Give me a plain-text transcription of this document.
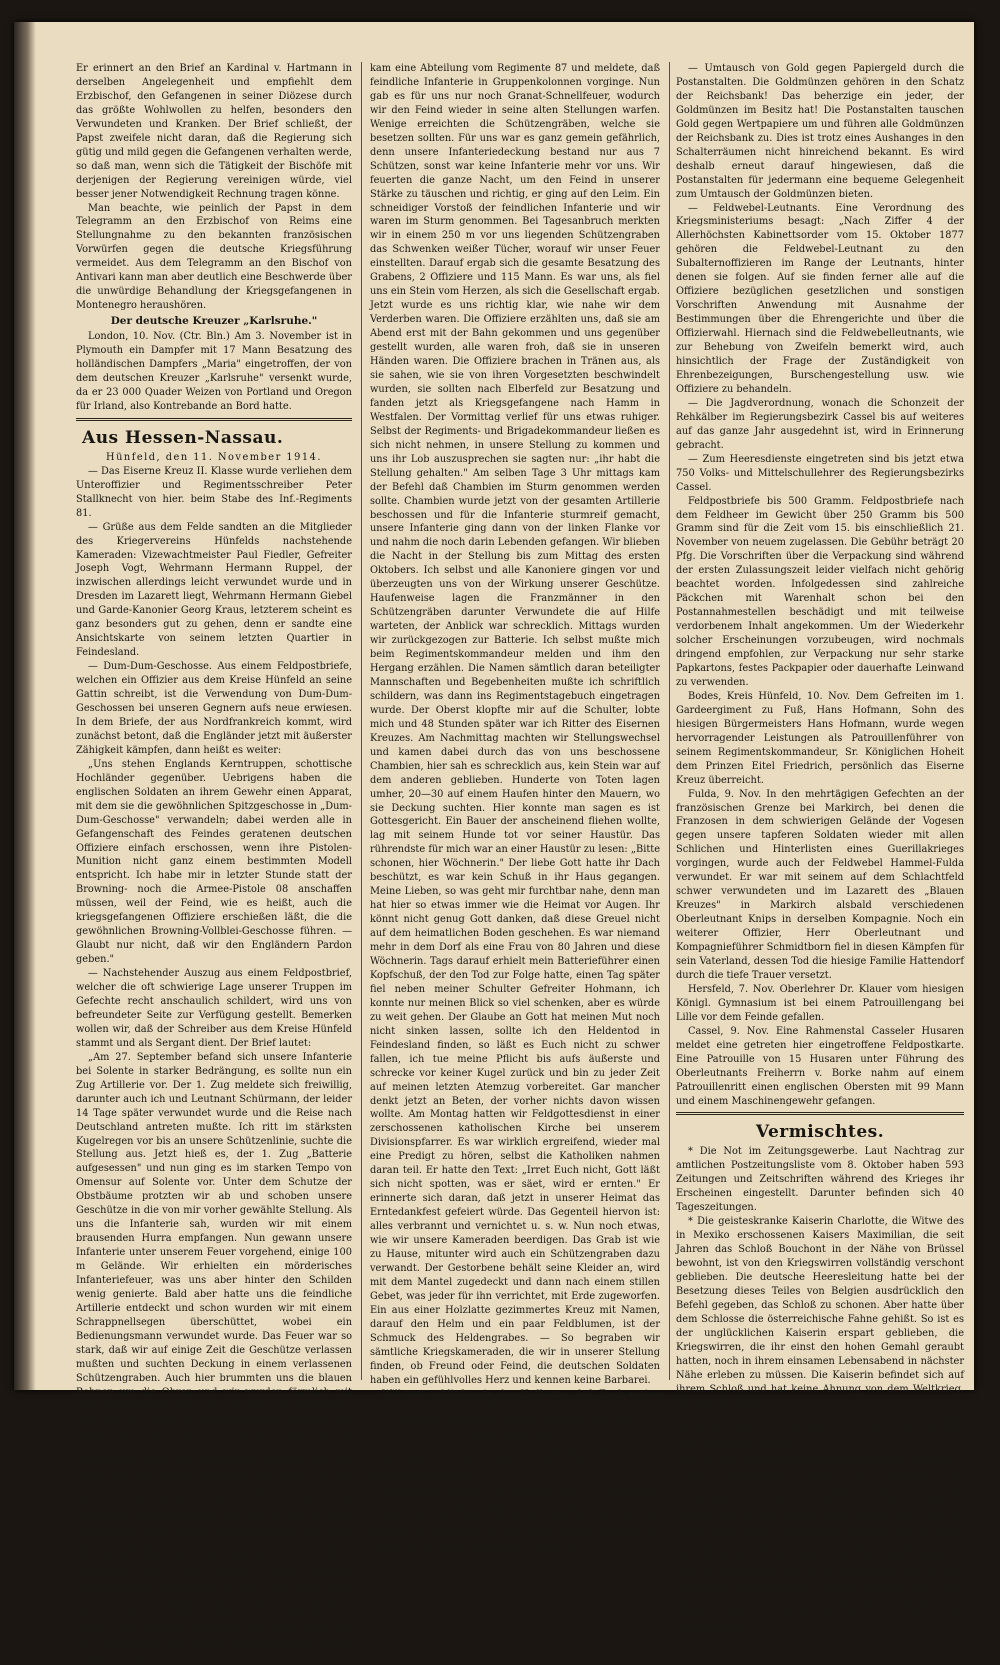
Er erinnert an den Brief an Kardinal v. Hartmann in derselben Angelegenheit und empfiehlt dem Erzbischof, den Gefangenen in seiner Diözese durch das größte Wohlwollen zu helfen, besonders den Verwundeten und Kranken. Der Brief schließt, der Papst zweifele nicht daran, daß die Regierung sich gütig und mild gegen die Gefangenen verhalten werde, so daß man, wenn sich die Tätigkeit der Bischöfe mit derjenigen der Regierung vereinigen würde, viel besser jener Notwendigkeit Rechnung tragen könne.

Man beachte, wie peinlich der Papst in dem Telegramm an den Erzbischof von Reims eine Stellungnahme zu den bekannten französischen Vorwürfen gegen die deutsche Kriegsführung vermeidet. Aus dem Telegramm an den Bischof von Antivari kann man aber deutlich eine Beschwerde über die unwürdige Behandlung der Kriegsgefangenen in Montenegro heraushören.

Der deutsche Kreuzer „Karlsruhe."

London, 10. Nov. (Ctr. Bln.) Am 3. November ist in Plymouth ein Dampfer mit 17 Mann Besatzung des holländischen Dampfers „Maria" eingetroffen, der von dem deutschen Kreuzer „Karlsruhe" versenkt wurde, da er 23 000 Quader Weizen von Portland und Oregon für Irland, also Kontrebande an Bord hatte.

Aus Hessen-Nassau.

Hünfeld, den 11. November 1914.

— Das Eiserne Kreuz II. Klasse wurde verliehen dem Unteroffizier und Regimentsschreiber Peter Stallknecht von hier. beim Stabe des Inf.-Regiments 81.

— Grüße aus dem Felde sandten an die Mitglieder des Kriegervereins Hünfelds nachstehende Kameraden: Vizewachtmeister Paul Fiedler, Gefreiter Joseph Vogt, Wehrmann Hermann Ruppel, der inzwischen allerdings leicht verwundet wurde und in Dresden im Lazarett liegt, Wehrmann Hermann Giebel und Garde-Kanonier Georg Kraus, letzterem scheint es ganz besonders gut zu gehen, denn er sandte eine Ansichtskarte von seinem letzten Quartier in Feindesland.

— Dum-Dum-Geschosse. Aus einem Feldpostbriefe, welchen ein Offizier aus dem Kreise Hünfeld an seine Gattin schreibt, ist die Verwendung von Dum-Dum-Geschossen bei unseren Gegnern aufs neue erwiesen. In dem Briefe, der aus Nordfrankreich kommt, wird zunächst betont, daß die Engländer jetzt mit äußerster Zähigkeit kämpfen, dann heißt es weiter:

„Uns stehen Englands Kerntruppen, schottische Hochländer gegenüber. Uebrigens haben die englischen Soldaten an ihrem Gewehr einen Apparat, mit dem sie die gewöhnlichen Spitzgeschosse in „Dum-Dum-Geschosse" verwandeln; dabei werden alle in Gefangenschaft des Feindes geratenen deutschen Offiziere einfach erschossen, wenn ihre Pistolen-Munition nicht ganz einem bestimmten Modell entspricht. Ich habe mir in letzter Stunde statt der Browning- noch die Armee-Pistole 08 anschaffen müssen, weil der Feind, wie es heißt, auch die kriegsgefangenen Offiziere erschießen läßt, die die gewöhnlichen Browning-Vollblei-Geschosse führen. — Glaubt nur nicht, daß wir den Engländern Pardon geben."

— Nachstehender Auszug aus einem Feldpostbrief, welcher die oft schwierige Lage unserer Truppen im Gefechte recht anschaulich schildert, wird uns von befreundeter Seite zur Verfügung gestellt. Bemerken wollen wir, daß der Schreiber aus dem Kreise Hünfeld stammt und als Sergant dient. Der Brief lautet:

„Am 27. September befand sich unsere Infanterie bei Solente in starker Bedrängung, es sollte nun ein Zug Artillerie vor. Der 1. Zug meldete sich freiwillig, darunter auch ich und Leutnant Schürmann, der leider 14 Tage später verwundet wurde und die Reise nach Deutschland antreten mußte. Ich ritt im stärksten Kugelregen vor bis an unsere Schützenlinie, suchte die Stellung aus. Jetzt hieß es, der 1. Zug „Batterie aufgesessen" und nun ging es im starken Tempo von Omensur auf Solente vor. Unter dem Schutze der Obstbäume protzten wir ab und schoben unsere Geschütze in die von mir vorher gewählte Stellung. Als uns die Infanterie sah, wurden wir mit einem brausenden Hurra empfangen. Nun gewann unsere Infanterie unter unserem Feuer vorgehend, einige 100 m Gelände. Wir erhielten ein mörderisches Infanteriefeuer, was uns aber hinter den Schilden wenig genierte. Bald aber hatte uns die feindliche Artillerie entdeckt und schon wurden wir mit einem Schrappnellsegen überschüttet, wobei ein Bedienungsmann verwundet wurde. Das Feuer war so stark, daß wir auf einige Zeit die Geschütze verlassen mußten und suchten Deckung in einem verlassenen Schützengraben. Auch hier brummten uns die blauen Bohnen um die Ohren und wir wurden förmlich mit Erde überschüttet. Wir alle zitterten wie Espenlaub, aber der 91. Psalm im Feldgesangbuch schenkte uns neuen Mut und Kraft. Wir traten wieder an die Geschütze und feuerten so schnell, wie auf dem Schießplatz. Erst um Mitternacht stellten wir das Feuer ein. Wir mußten allerdings die Nacht an den Geschützen bleiben, um sie schließlich nicht dem Feinde preiszugeben. Links vor uns waren die feindlichen Schützengräben auf 300 m. Am 28. früh machten wir einen kleinen Stellungswechsel, um näher bei der Infanterie zu sein. Wir gruben uns ein bis an die Nasenspitze, denn die Situation war äußerst gefährlich. Der Tag verging ohne größere Begebenheiten, Ruhestätte für die Nacht unter dem Geschütz. Am 29. gegen Abend unternahm 1 Bataillon 87 einen Sturmangriff auf das vor uns liegende, vom Feinde stark besetzte Chambien, der aber leider von der Uebermacht der Feinde zurückgedrängt wurde. Gegen 12 Uhr nachts

kam eine Abteilung vom Regimente 87 und meldete, daß feindliche Infanterie in Gruppenkolonnen vorginge. Nun gab es für uns nur noch Granat-Schnellfeuer, wodurch wir den Feind wieder in seine alten Stellungen warfen. Wenige erreichten die Schützengräben, welche sie besetzen sollten. Für uns war es ganz gemein gefährlich, denn unsere Infanteriedeckung bestand nur aus 7 Schützen, sonst war keine Infanterie mehr vor uns. Wir feuerten die ganze Nacht, um den Feind in unserer Stärke zu täuschen und richtig, er ging auf den Leim. Ein schneidiger Vorstoß der feindlichen Infanterie und wir waren im Sturm genommen. Bei Tagesanbruch merkten wir in einem 250 m vor uns liegenden Schützengraben das Schwenken weißer Tücher, worauf wir unser Feuer einstellten. Darauf ergab sich die gesamte Besatzung des Grabens, 2 Offiziere und 115 Mann. Es war uns, als fiel uns ein Stein vom Herzen, als sich die Gesellschaft ergab. Jetzt wurde es uns richtig klar, wie nahe wir dem Verderben waren. Die Offiziere erzählten uns, daß sie am Abend erst mit der Bahn gekommen und uns gegenüber gestellt wurden, alle waren froh, daß sie in unseren Händen waren. Die Offiziere brachen in Tränen aus, als sie sahen, wie sie von ihren Vorgesetzten beschwindelt wurden, sie sollten nach Elberfeld zur Besatzung und fanden jetzt als Kriegsgefangene nach Hamm in Westfalen. Der Vormittag verlief für uns etwas ruhiger. Selbst der Regiments- und Brigadekommandeur ließen es sich nicht nehmen, in unsere Stellung zu kommen und uns ihr Lob auszusprechen sie sagten nur: „ihr habt die Stellung gehalten." Am selben Tage 3 Uhr mittags kam der Befehl daß Chambien im Sturm genommen werden sollte. Chambien wurde jetzt von der gesamten Artillerie beschossen und für die Infanterie sturmreif gemacht, unsere Infanterie ging dann von der linken Flanke vor und nahm die noch darin Lebenden gefangen. Wir blieben die Nacht in der Stellung bis zum Mittag des ersten Oktobers. Ich selbst und alle Kanoniere gingen vor und überzeugten uns von der Wirkung unserer Geschütze. Haufenweise lagen die Franzmänner in den Schützengräben darunter Verwundete die auf Hilfe warteten, der Anblick war schrecklich. Mittags wurden wir zurückgezogen zur Batterie. Ich selbst mußte mich beim Regimentskommandeur melden und ihm den Hergang erzählen. Die Namen sämtlich daran beteiligter Mannschaften und Begebenheiten mußte ich schriftlich schildern, was dann ins Regimentstagebuch eingetragen wurde. Der Oberst klopfte mir auf die Schulter, lobte mich und 48 Stunden später war ich Ritter des Eisernen Kreuzes. Am Nachmittag machten wir Stellungswechsel und kamen dabei durch das von uns beschossene Chambien, hier sah es schrecklich aus, kein Stein war auf dem anderen geblieben. Hunderte von Toten lagen umher, 20—30 auf einem Haufen hinter den Mauern, wo sie Deckung suchten. Hier konnte man sagen es ist Gottesgericht. Ein Bauer der anscheinend fliehen wollte, lag mit seinem Hunde tot vor seiner Haustür. Das rührendste für mich war an einer Haustür zu lesen: „Bitte schonen, hier Wöchnerin." Der liebe Gott hatte ihr Dach beschützt, es war kein Schuß in ihr Haus gegangen. Meine Lieben, so was geht mir furchtbar nahe, denn man hat hier so etwas immer wie die Heimat vor Augen. Ihr könnt nicht genug Gott danken, daß diese Greuel nicht auf dem heimatlichen Boden geschehen. Es war niemand mehr in dem Dorf als eine Frau von 80 Jahren und diese Wöchnerin. Tags darauf erhielt mein Batterieführer einen Kopfschuß, der den Tod zur Folge hatte, einen Tag später fiel neben meiner Schulter Gefreiter Hohmann, ich konnte nur meinen Blick so viel schenken, aber es würde zu weit gehen. Der Glaube an Gott hat meinen Mut noch nicht sinken lassen, sollte ich den Heldentod in Feindesland finden, so läßt es Euch nicht zu schwer fallen, ich tue meine Pflicht bis aufs äußerste und schrecke vor keiner Kugel zurück und bin zu jeder Zeit auf meinen letzten Atemzug vorbereitet. Gar mancher denkt jetzt an Beten, der vorher nichts davon wissen wollte. Am Montag hatten wir Feldgottesdienst in einer zerschossenen katholischen Kirche bei unserem Divisionspfarrer. Es war wirklich ergreifend, wieder mal eine Predigt zu hören, selbst die Katholiken nahmen daran teil. Er hatte den Text: „Irret Euch nicht, Gott läßt sich nicht spotten, was er säet, wird er ernten." Er erinnerte sich daran, daß jetzt in unserer Heimat das Erntedankfest gefeiert würde. Das Gegenteil hiervon ist: alles verbrannt und vernichtet u. s. w. Nun noch etwas, wie wir unsere Kameraden beerdigen. Das Grab ist wie zu Hause, mitunter wird auch ein Schützengraben dazu verwandt. Der Gestorbene behält seine Kleider an, wird mit dem Mantel zugedeckt und dann nach einem stillen Gebet, was jeder für ihn verrichtet, mit Erde zugeworfen. Ein aus einer Holzlatte gezimmertes Kreuz mit Namen, darauf den Helm und ein paar Feldblumen, ist der Schmuck des Heldengrabes. — So begraben wir sämtliche Kriegskameraden, die wir in unserer Stellung finden, ob Freund oder Feind, die deutschen Soldaten haben ein gefühlvolles Herz und kennen keine Barbarei.

Will nun schließen in der Hoffnung, daß Euch meine Zeilen alle gesund antreffen.

Unter den herzlichen Grüßen verbleibe ich Euer

treuer Sohn Hans.

Gruß und Kuß an meinen kleinen Hans.

Vertretet an ihm meine Stelle, wenn ich nicht wiederkommen sollte."

Niederaula—Schlitz. Am Dienstag den 10. November wird die 16 Kilometer lange Neubaustrecke Niederaula—Schlitz für den Gesamtverkehr eröffnet. Die Strecke schließt in Niederaula an die Bahn Treysa—Hersfeld, in Schlitz an die Bahn Salzschlirf—Schlitz an.

— Umtausch von Gold gegen Papiergeld durch die Postanstalten. Die Goldmünzen gehören in den Schatz der Reichsbank! Das beherzige ein jeder, der Goldmünzen im Besitz hat! Die Postanstalten tauschen Gold gegen Wertpapiere um und führen alle Goldmünzen der Reichsbank zu. Dies ist trotz eines Aushanges in den Schalterräumen nicht hinreichend bekannt. Es wird deshalb erneut darauf hingewiesen, daß die Postanstalten für jedermann eine bequeme Gelegenheit zum Umtausch der Goldmünzen bieten.

— Feldwebel-Leutnants. Eine Verordnung des Kriegsministeriums besagt: „Nach Ziffer 4 der Allerhöchsten Kabinettsorder vom 15. Oktober 1877 gehören die Feldwebel-Leutnant zu den Subalternoffizieren im Range der Leutnants, hinter denen sie folgen. Auf sie finden ferner alle auf die Offiziere bezüglichen gesetzlichen und sonstigen Vorschriften Anwendung mit Ausnahme der Bestimmungen über die Ehrengerichte und über die Offizierwahl. Hiernach sind die Feldwebelleutnants, wie zur Behebung von Zweifeln bemerkt wird, auch hinsichtlich der Frage der Zuständigkeit von Ehrenbezeigungen, Burschengestellung usw. wie Offiziere zu behandeln.

— Die Jagdverordnung, wonach die Schonzeit der Rehkälber im Regierungsbezirk Cassel bis auf weiteres auf das ganze Jahr ausgedehnt ist, wird in Erinnerung gebracht.

— Zum Heeresdienste eingetreten sind bis jetzt etwa 750 Volks- und Mittelschullehrer des Regierungsbezirks Cassel.

Feldpostbriefe bis 500 Gramm. Feldpostbriefe nach dem Feldheer im Gewicht über 250 Gramm bis 500 Gramm sind für die Zeit vom 15. bis einschließlich 21. November von neuem zugelassen. Die Gebühr beträgt 20 Pfg. Die Vorschriften über die Verpackung sind während der ersten Zulassungszeit leider vielfach nicht gehörig beachtet worden. Infolgedessen sind zahlreiche Päckchen mit Warenhalt schon bei den Postannahmestellen beschädigt und mit teilweise verdorbenem Inhalt angekommen. Um der Wiederkehr solcher Erscheinungen vorzubeugen, wird nochmals dringend empfohlen, zur Verpackung nur sehr starke Papkartons, festes Packpapier oder dauerhafte Leinwand zu verwenden.

Bodes, Kreis Hünfeld, 10. Nov. Dem Gefreiten im 1. Gardeergiment zu Fuß, Hans Hofmann, Sohn des hiesigen Bürgermeisters Hans Hofmann, wurde wegen hervorragender Leistungen als Patrouillenführer von seinem Regimentskommandeur, Sr. Königlichen Hoheit dem Prinzen Eitel Friedrich, persönlich das Eiserne Kreuz überreicht.

Fulda, 9. Nov. In den mehrtägigen Gefechten an der französischen Grenze bei Markirch, bei denen die Franzosen in dem schwierigen Gelände der Vogesen gegen unsere tapferen Soldaten wieder mit allen Schlichen und Hinterlisten eines Guerillakrieges vorgingen, wurde auch der Feldwebel Hammel-Fulda verwundet. Er war mit seinem auf dem Schlachtfeld schwer verwundeten und im Lazarett des „Blauen Kreuzes" in Markirch alsbald verschiedenen Oberleutnant Knips in derselben Kompagnie. Noch ein weiterer Offizier, Herr Oberleutnant und Kompagnieführer Schmidtborn fiel in diesen Kämpfen für sein Vaterland, dessen Tod die hiesige Familie Hattendorf durch die tiefe Trauer versetzt.

Hersfeld, 7. Nov. Oberlehrer Dr. Klauer vom hiesigen Königl. Gymnasium ist bei einem Patrouillengang bei Lille vor dem Feinde gefallen.

Cassel, 9. Nov. Eine Rahmenstal Casseler Husaren meldet eine getreten hier eingetroffene Feldpostkarte. Eine Patrouille von 15 Husaren unter Führung des Oberleutnants Freiherrn v. Borke nahm auf einem Patrouillenritt einen englischen Obersten mit 99 Mann und einem Maschinengewehr gefangen.

Vermischtes.

* Die Not im Zeitungsgewerbe. Laut Nachtrag zur amtlichen Postzeitungsliste vom 8. Oktober haben 593 Zeitungen und Zeitschriften während des Krieges ihr Erscheinen eingestellt. Darunter befinden sich 40 Tageszeitungen.

* Die geisteskranke Kaiserin Charlotte, die Witwe des in Mexiko erschossenen Kaisers Maximilian, die seit Jahren das Schloß Bouchont in der Nähe von Brüssel bewohnt, ist von den Kriegswirren vollständig verschont geblieben. Die deutsche Heeresleitung hatte bei der Besetzung dieses Teiles von Belgien ausdrücklich den Befehl gegeben, das Schloß zu schonen. Aber hatte über dem Schlosse die österreichische Fahne gehißt. So ist es der unglücklichen Kaiserin erspart geblieben, die Kriegswirren, die ihr einst den hohen Gemahl geraubt hatten, noch in ihrem einsamen Lebensabend in nächster Nähe erleben zu müssen. Die Kaiserin befindet sich auf ihrem Schloß und hat keine Ahnung von dem Weltkrieg, der um sie wütet.

* Burgsinn, 4. Nov. In den hiesigen Gemeindewaldungen wurden für gesammelte Eicheln über 9000 Mark gelöst.

Wie er die Auszeichnung seines Sohnes erfuhr.

Auf eigenartige Weise hat kürzlich der Lokomotivführer Külicke in Spandau die Auszeichnung seines Sohnes mit dem Eisernen Kreuz erfahren. Külicke, dessen Sohn in der Marine dient, wußte zwar, daß der junge Mann einem Unterseeboote zugeteilt war, er wußte aber nicht, zu welchem Boote der Matrose gehörte. Vor einigen Tagen kaufte Külicke ein illustriertes Blatt, in dem die Mannschaft des „U 26" abgebildet war, das den russischen Panzerkreuzer „Pallada" versenkt hat. Unter den Matrosen erkannte der Vater auch den mit dem Eisernen Kreuz geschmückten Sohn, und hatte so die Auszeichnung
